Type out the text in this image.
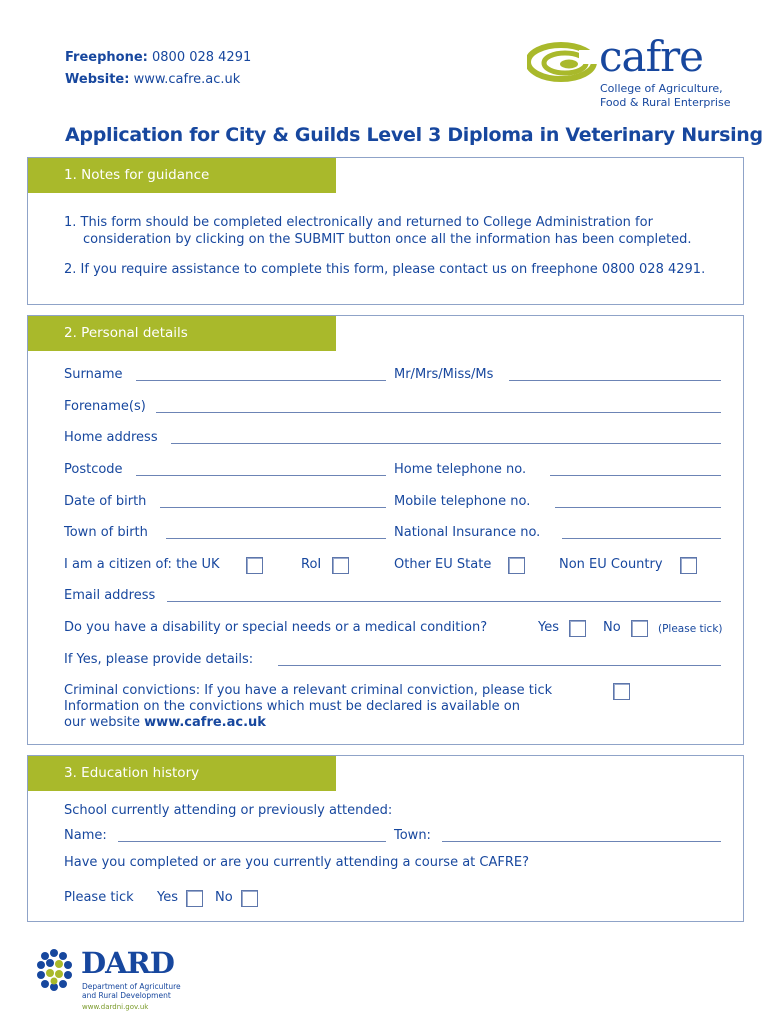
Freephone: 0800 028 4291
Website: www.cafre.ac.uk	cafre
College of Agriculture,
Food & Rural Enterprise
Application for City & Guilds Level 3 Diploma in Veterinary Nursing
1. Notes for guidance
1. This form should be completed electronically and returned to College Administration for
consideration by clicking on the SUBMIT button once all the information has been completed.
2. If you require assistance to complete this form, please contact us on freephone 0800 028 4291.
2. Personal details
Surname	Mr/Mrs/Miss/Ms
Forename(s)
Home address
Postcode	Home telephone no.
Date of birth	Mobile telephone no.
Town of birth	National Insurance no.
I am a citizen of: the UK	RoI	Other EU State	Non EU Country
Email address
Do you have a disability or special needs or a medical condition?	Yes	No	(Please tick)
If Yes, please provide details:
Criminal convictions: If you have a relevant criminal conviction, please tick
Information on the convictions which must be declared is available on
our website www.cafre.ac.uk
3. Education history
School currently attending or previously attended:
Name:	Town:
Have you completed or are you currently attending a course at CAFRE?
Please tick Yes	No
DARD
Department of Agriculture
and Rural Development
www.dardni.gov.uk
